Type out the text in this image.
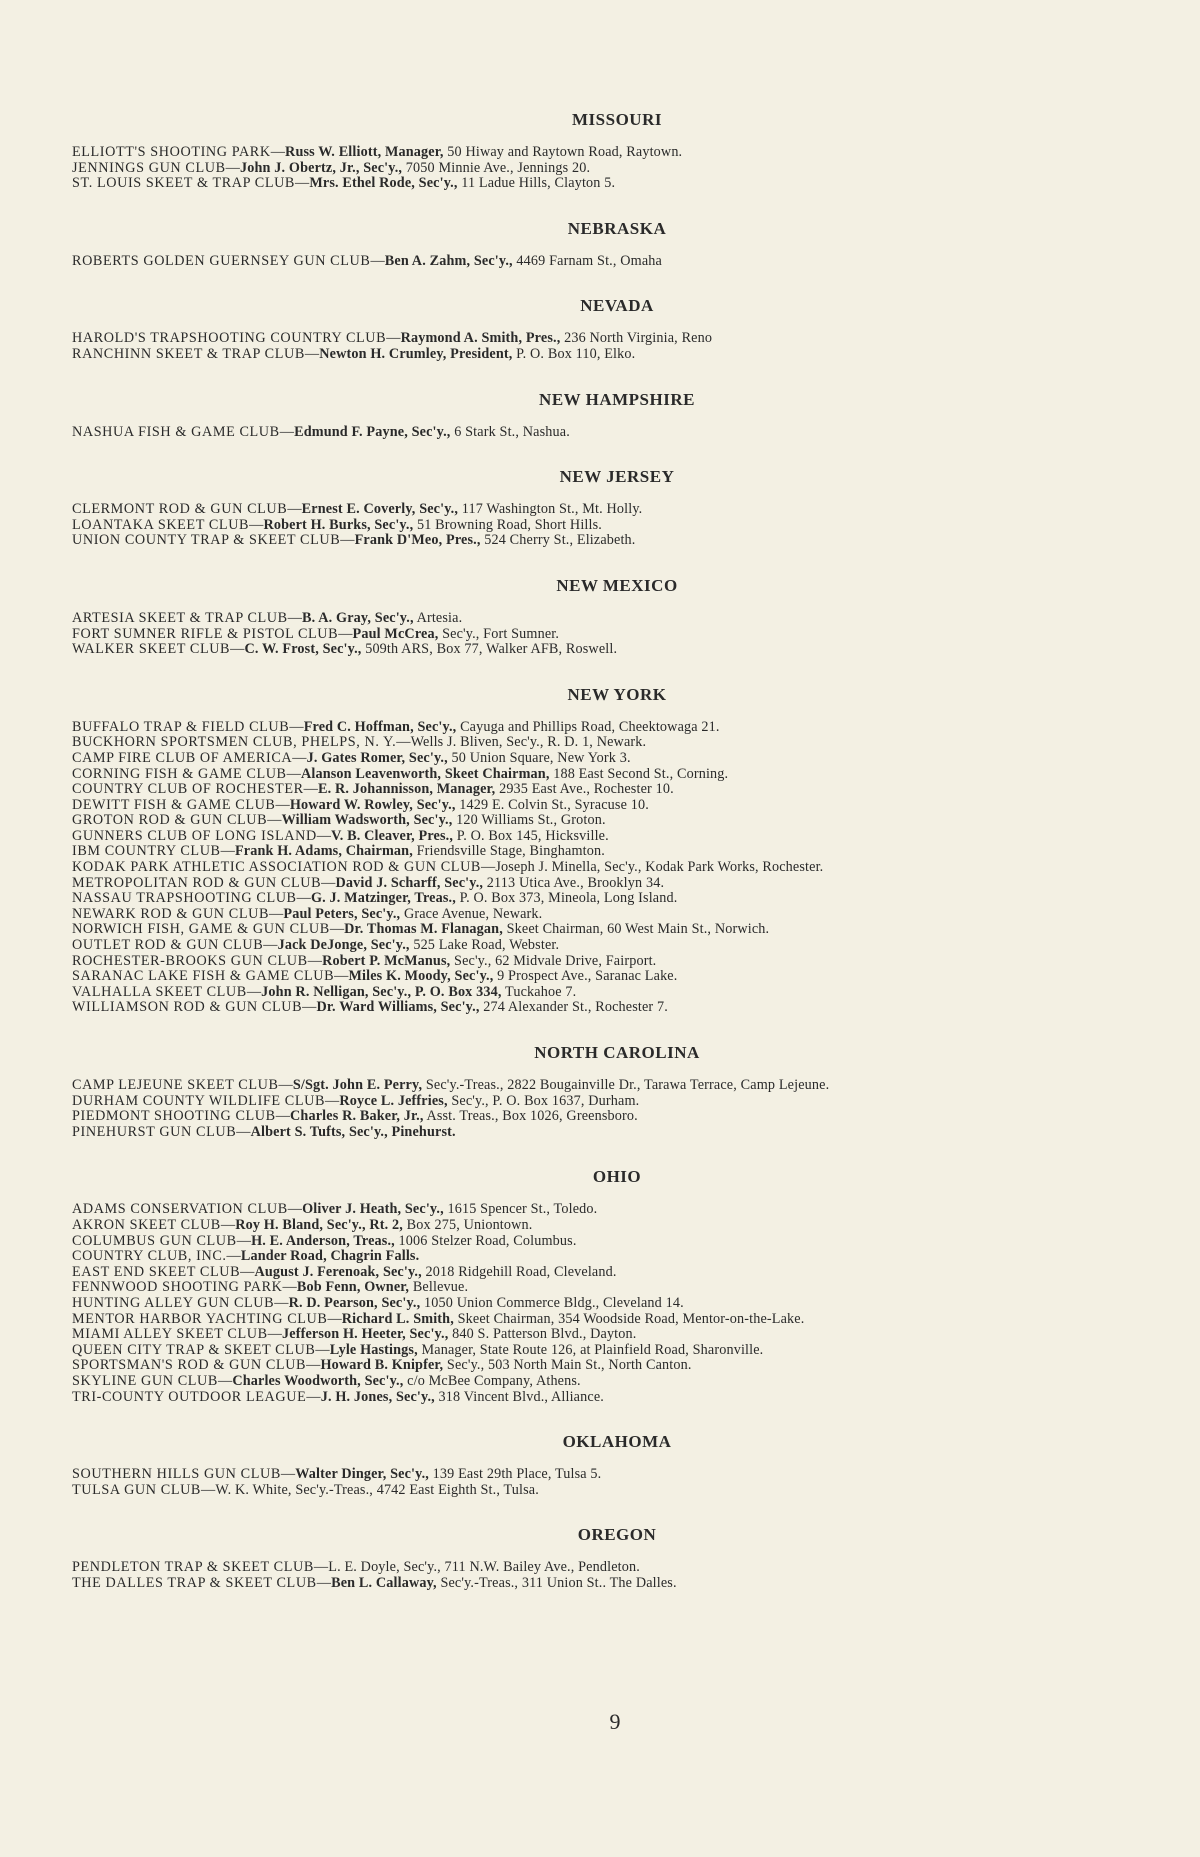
MISSOURI
ELLIOTT'S SHOOTING PARK—Russ W. Elliott, Manager, 50 Hiway and Raytown Road, Raytown.
JENNINGS GUN CLUB—John J. Obertz, Jr., Sec'y., 7050 Minnie Ave., Jennings 20.
ST. LOUIS SKEET & TRAP CLUB—Mrs. Ethel Rode, Sec'y., 11 Ladue Hills, Clayton 5.
NEBRASKA
ROBERTS GOLDEN GUERNSEY GUN CLUB—Ben A. Zahm, Sec'y., 4469 Farnam St., Omaha
NEVADA
HAROLD'S TRAPSHOOTING COUNTRY CLUB—Raymond A. Smith, Pres., 236 North Virginia, Reno
RANCHINN SKEET & TRAP CLUB—Newton H. Crumley, President, P. O. Box 110, Elko.
NEW HAMPSHIRE
NASHUA FISH & GAME CLUB—Edmund F. Payne, Sec'y., 6 Stark St., Nashua.
NEW JERSEY
CLERMONT ROD & GUN CLUB—Ernest E. Coverly, Sec'y., 117 Washington St., Mt. Holly.
LOANTAKA SKEET CLUB—Robert H. Burks, Sec'y., 51 Browning Road, Short Hills.
UNION COUNTY TRAP & SKEET CLUB—Frank D'Meo, Pres., 524 Cherry St., Elizabeth.
NEW MEXICO
ARTESIA SKEET & TRAP CLUB—B. A. Gray, Sec'y., Artesia.
FORT SUMNER RIFLE & PISTOL CLUB—Paul McCrea, Sec'y., Fort Sumner.
WALKER SKEET CLUB—C. W. Frost, Sec'y., 509th ARS, Box 77, Walker AFB, Roswell.
NEW YORK
BUFFALO TRAP & FIELD CLUB—Fred C. Hoffman, Sec'y., Cayuga and Phillips Road, Cheektowaga 21.
BUCKHORN SPORTSMEN CLUB, PHELPS, N. Y.—Wells J. Bliven, Sec'y., R. D. 1, Newark.
CAMP FIRE CLUB OF AMERICA—J. Gates Romer, Sec'y., 50 Union Square, New York 3.
CORNING FISH & GAME CLUB—Alanson Leavenworth, Skeet Chairman, 188 East Second St., Corning.
COUNTRY CLUB OF ROCHESTER—E. R. Johannisson, Manager, 2935 East Ave., Rochester 10.
DEWITT FISH & GAME CLUB—Howard W. Rowley, Sec'y., 1429 E. Colvin St., Syracuse 10.
GROTON ROD & GUN CLUB—William Wadsworth, Sec'y., 120 Williams St., Groton.
GUNNERS CLUB OF LONG ISLAND—V. B. Cleaver, Pres., P. O. Box 145, Hicksville.
IBM COUNTRY CLUB—Frank H. Adams, Chairman, Friendsville Stage, Binghamton.
KODAK PARK ATHLETIC ASSOCIATION ROD & GUN CLUB—Joseph J. Minella, Sec'y., Kodak Park Works, Rochester.
METROPOLITAN ROD & GUN CLUB—David J. Scharff, Sec'y., 2113 Utica Ave., Brooklyn 34.
NASSAU TRAPSHOOTING CLUB—G. J. Matzinger, Treas., P. O. Box 373, Mineola, Long Island.
NEWARK ROD & GUN CLUB—Paul Peters, Sec'y., Grace Avenue, Newark.
NORWICH FISH, GAME & GUN CLUB—Dr. Thomas M. Flanagan, Skeet Chairman, 60 West Main St., Norwich.
OUTLET ROD & GUN CLUB—Jack DeJonge, Sec'y., 525 Lake Road, Webster.
ROCHESTER-BROOKS GUN CLUB—Robert P. McManus, Sec'y., 62 Midvale Drive, Fairport.
SARANAC LAKE FISH & GAME CLUB—Miles K. Moody, Sec'y., 9 Prospect Ave., Saranac Lake.
VALHALLA SKEET CLUB—John R. Nelligan, Sec'y., P. O. Box 334, Tuckahoe 7.
WILLIAMSON ROD & GUN CLUB—Dr. Ward Williams, Sec'y., 274 Alexander St., Rochester 7.
NORTH CAROLINA
CAMP LEJEUNE SKEET CLUB—S/Sgt. John E. Perry, Sec'y.-Treas., 2822 Bougainville Dr., Tarawa Terrace, Camp Lejeune.
DURHAM COUNTY WILDLIFE CLUB—Royce L. Jeffries, Sec'y., P. O. Box 1637, Durham.
PIEDMONT SHOOTING CLUB—Charles R. Baker, Jr., Asst. Treas., Box 1026, Greensboro.
PINEHURST GUN CLUB—Albert S. Tufts, Sec'y., Pinehurst.
OHIO
ADAMS CONSERVATION CLUB—Oliver J. Heath, Sec'y., 1615 Spencer St., Toledo.
AKRON SKEET CLUB—Roy H. Bland, Sec'y., Rt. 2, Box 275, Uniontown.
COLUMBUS GUN CLUB—H. E. Anderson, Treas., 1006 Stelzer Road, Columbus.
COUNTRY CLUB, INC.—Lander Road, Chagrin Falls.
EAST END SKEET CLUB—August J. Ferenoak, Sec'y., 2018 Ridgehill Road, Cleveland.
FENNWOOD SHOOTING PARK—Bob Fenn, Owner, Bellevue.
HUNTING ALLEY GUN CLUB—R. D. Pearson, Sec'y., 1050 Union Commerce Bldg., Cleveland 14.
MENTOR HARBOR YACHTING CLUB—Richard L. Smith, Skeet Chairman, 354 Woodside Road, Mentor-on-the-Lake.
MIAMI ALLEY SKEET CLUB—Jefferson H. Heeter, Sec'y., 840 S. Patterson Blvd., Dayton.
QUEEN CITY TRAP & SKEET CLUB—Lyle Hastings, Manager, State Route 126, at Plainfield Road, Sharonville.
SPORTSMAN'S ROD & GUN CLUB—Howard B. Knipfer, Sec'y., 503 North Main St., North Canton.
SKYLINE GUN CLUB—Charles Woodworth, Sec'y., c/o McBee Company, Athens.
TRI-COUNTY OUTDOOR LEAGUE—J. H. Jones, Sec'y., 318 Vincent Blvd., Alliance.
OKLAHOMA
SOUTHERN HILLS GUN CLUB—Walter Dinger, Sec'y., 139 East 29th Place, Tulsa 5.
TULSA GUN CLUB—W. K. White, Sec'y.-Treas., 4742 East Eighth St., Tulsa.
OREGON
PENDLETON TRAP & SKEET CLUB—L. E. Doyle, Sec'y., 711 N.W. Bailey Ave., Pendleton.
THE DALLES TRAP & SKEET CLUB—Ben L. Callaway, Sec'y.-Treas., 311 Union St.. The Dalles.
9
